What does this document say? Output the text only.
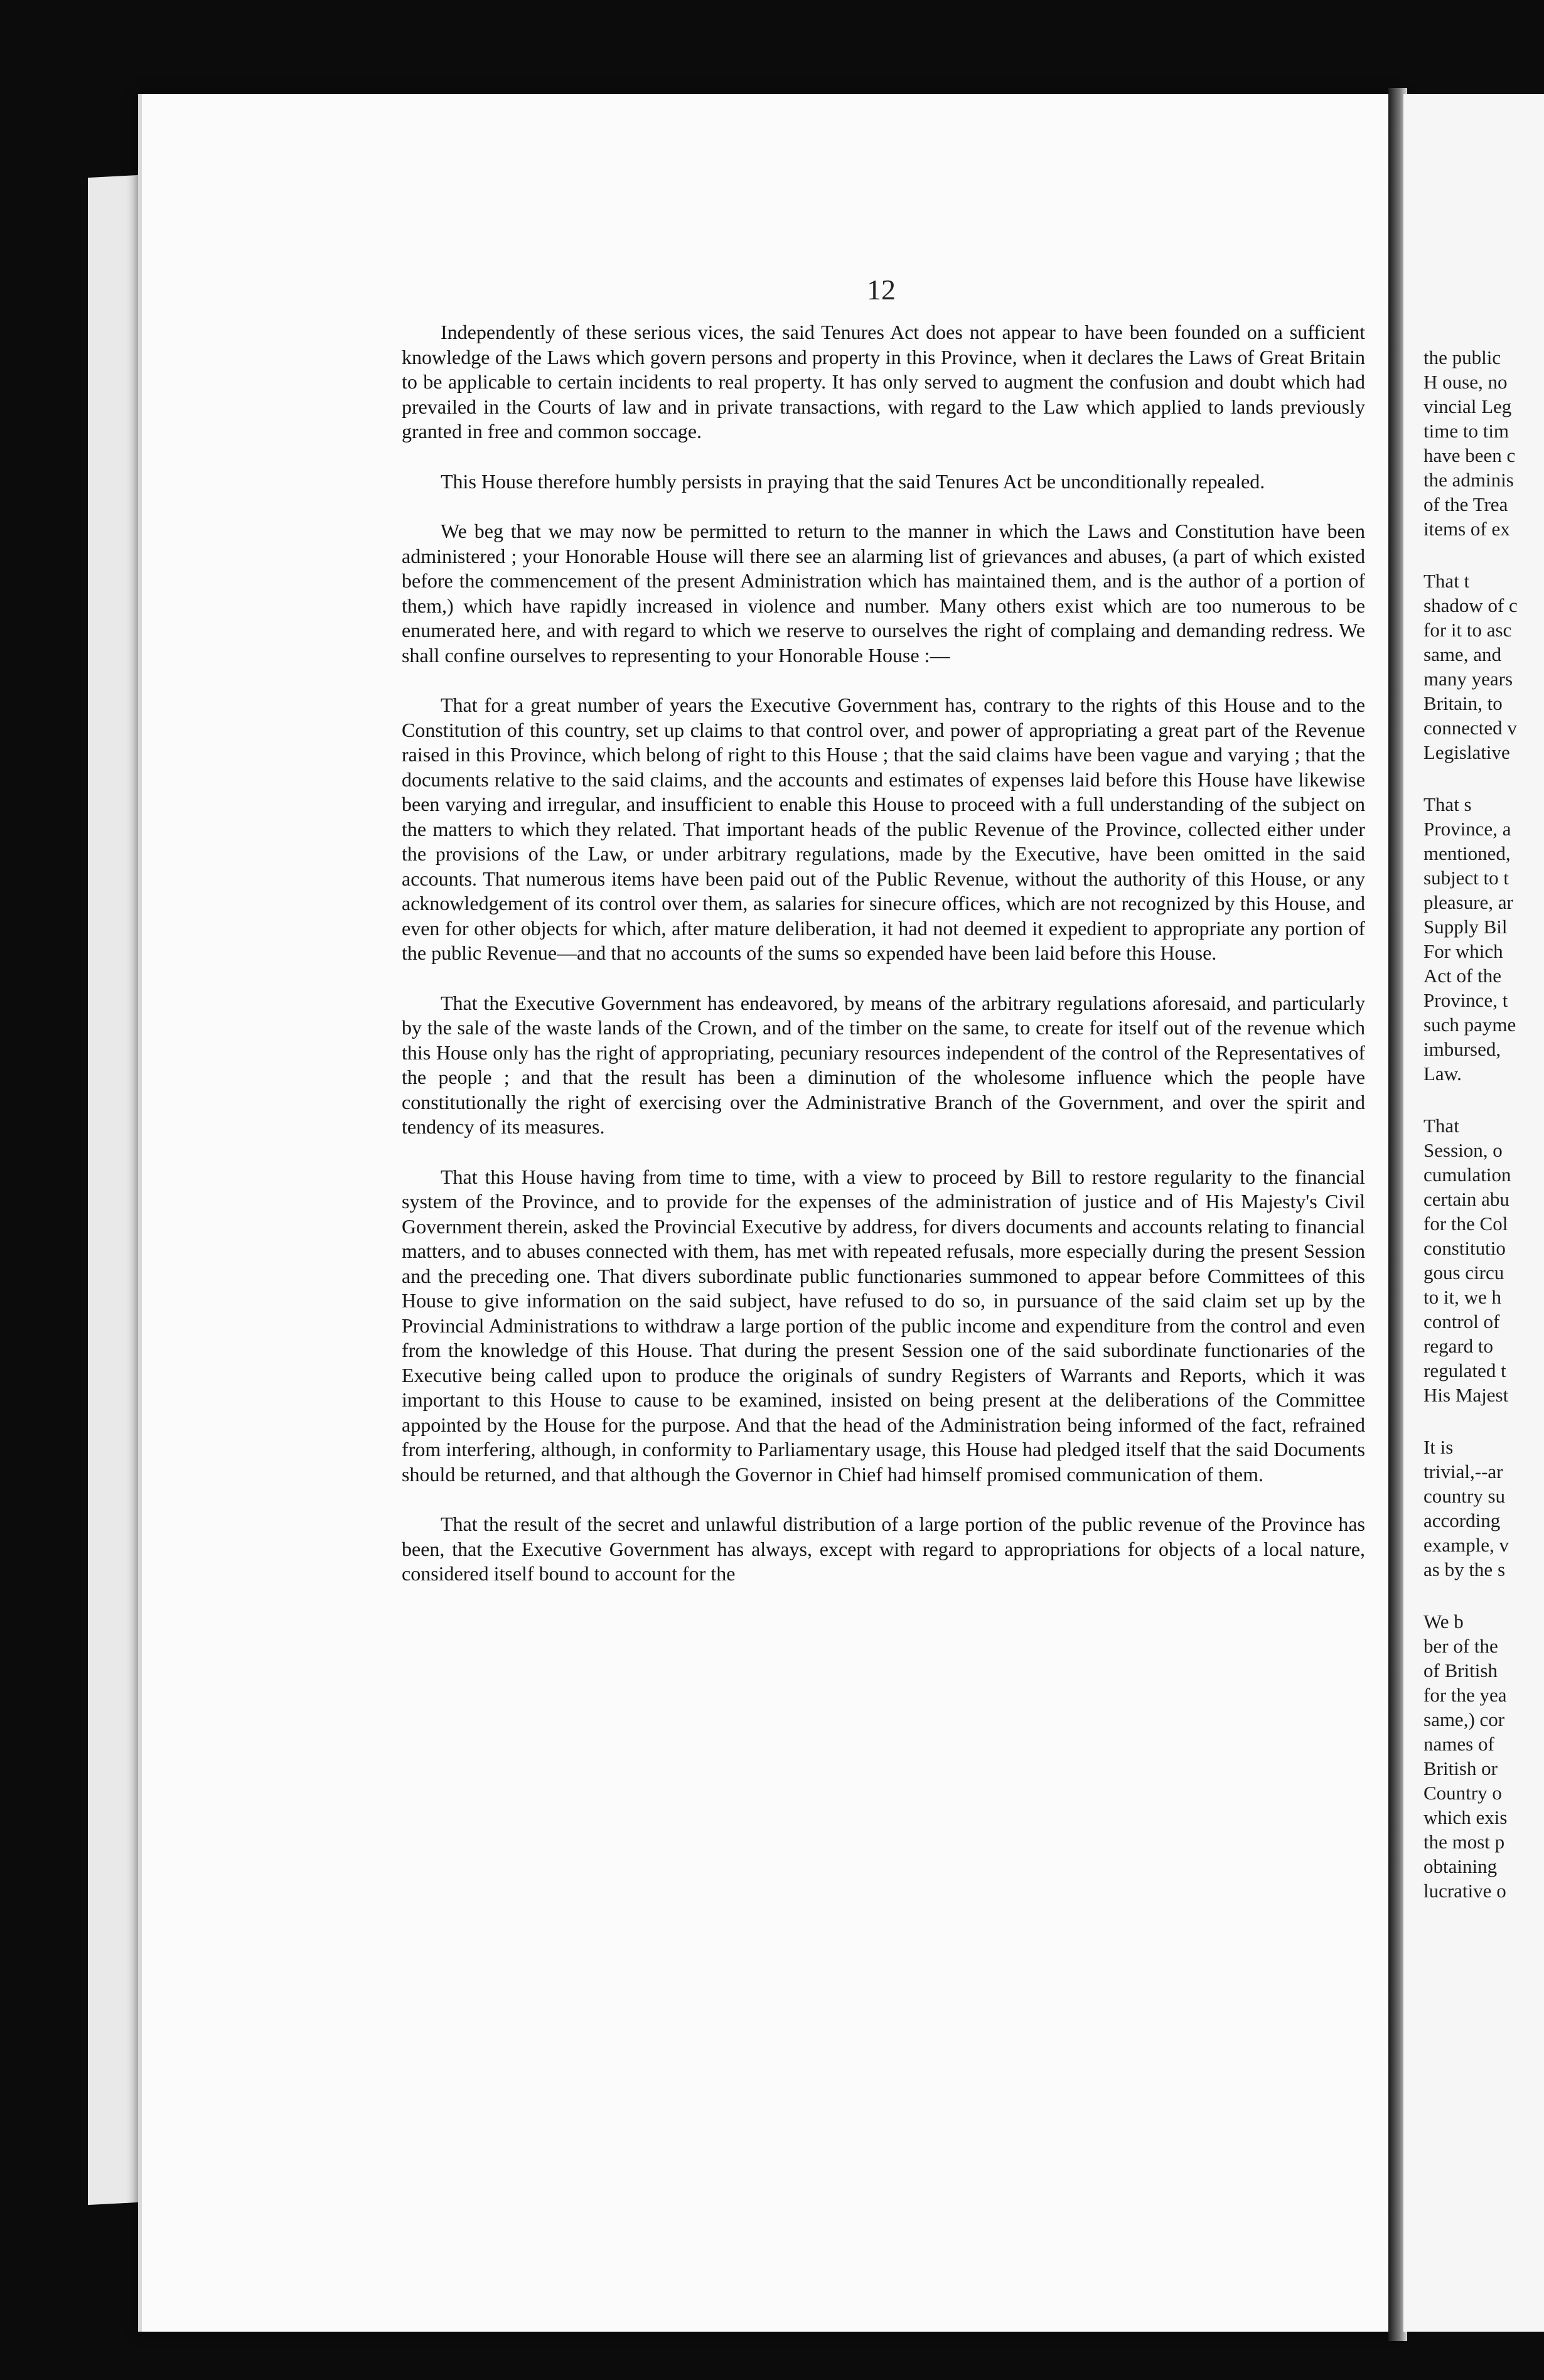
12

Independently of these serious vices, the said Tenures Act does not appear to have been founded on a sufficient knowledge of the Laws which govern persons and property in this Province, when it declares the Laws of Great Britain to be applicable to certain incidents to real property. It has only served to augment the confusion and doubt which had prevailed in the Courts of law and in private transactions, with regard to the Law which applied to lands previously granted in free and common soccage.

This House therefore humbly persists in praying that the said Tenures Act be unconditionally repealed.

We beg that we may now be permitted to return to the manner in which the Laws and Constitution have been administered ; your Honorable House will there see an alarming list of grievances and abuses, (a part of which existed before the commencement of the present Administration which has maintained them, and is the author of a portion of them,) which have rapidly increased in violence and number. Many others exist which are too numerous to be enumerated here, and with regard to which we reserve to ourselves the right of complaing and demanding redress. We shall confine ourselves to representing to your Honorable House :—

That for a great number of years the Executive Government has, contrary to the rights of this House and to the Constitution of this country, set up claims to that control over, and power of appropriating a great part of the Revenue raised in this Province, which belong of right to this House ; that the said claims have been vague and varying ; that the documents relative to the said claims, and the accounts and estimates of expenses laid before this House have likewise been varying and irregular, and insufficient to enable this House to proceed with a full understanding of the subject on the matters to which they related. That important heads of the public Revenue of the Province, collected either under the provisions of the Law, or under arbitrary regulations, made by the Executive, have been omitted in the said accounts. That numerous items have been paid out of the Public Revenue, without the authority of this House, or any acknowledgement of its control over them, as salaries for sinecure offices, which are not recognized by this House, and even for other objects for which, after mature deliberation, it had not deemed it expedient to appropriate any portion of the public Revenue—and that no accounts of the sums so expended have been laid before this House.

That the Executive Government has endeavored, by means of the arbitrary regulations aforesaid, and particularly by the sale of the waste lands of the Crown, and of the timber on the same, to create for itself out of the revenue which this House only has the right of appropriating, pecuniary resources independent of the control of the Representatives of the people ; and that the result has been a diminution of the wholesome influence which the people have constitutionally the right of exercising over the Administrative Branch of the Government, and over the spirit and tendency of its measures.

That this House having from time to time, with a view to proceed by Bill to restore regularity to the financial system of the Province, and to provide for the expenses of the administration of justice and of His Majesty's Civil Government therein, asked the Provincial Executive by address, for divers documents and accounts relating to financial matters, and to abuses connected with them, has met with repeated refusals, more especially during the present Session and the preceding one. That divers subordinate public functionaries summoned to appear before Committees of this House to give information on the said subject, have refused to do so, in pursuance of the said claim set up by the Provincial Administrations to withdraw a large portion of the public income and expenditure from the control and even from the knowledge of this House. That during the present Session one of the said subordinate functionaries of the Executive being called upon to produce the originals of sundry Registers of Warrants and Reports, which it was important to this House to cause to be examined, insisted on being present at the deliberations of the Committee appointed by the House for the purpose. And that the head of the Administration being informed of the fact, refrained from interfering, although, in conformity to Parliamentary usage, this House had pledged itself that the said Documents should be returned, and that although the Governor in Chief had himself promised communication of them.

That the result of the secret and unlawful distribution of a large portion of the public revenue of the Province has been, that the Executive Government has always, except with regard to appropriations for objects of a local nature, considered itself bound to account for the

the public
H ouse, no
vincial Leg
time to tim
have been c
the adminis
of the Trea
items of ex
That t
shadow of c
for it to asc
same, and
many years
Britain, to
connected v
Legislative
That s
Province, a
mentioned,
subject to t
pleasure, ar
Supply Bil
For which
Act of the
Province, t
such payme
imbursed,
Law.
That
Session, o
cumulation
certain abu
for the Col
constitutio
gous circu
to it, we h
control of
regard to
regulated t
His Majest
It is
trivial,--ar
country su
according
example, v
as by the s
We b
ber of the
of British
for the yea
same,) cor
names of
British or
Country o
which exis
the most p
obtaining
lucrative o
